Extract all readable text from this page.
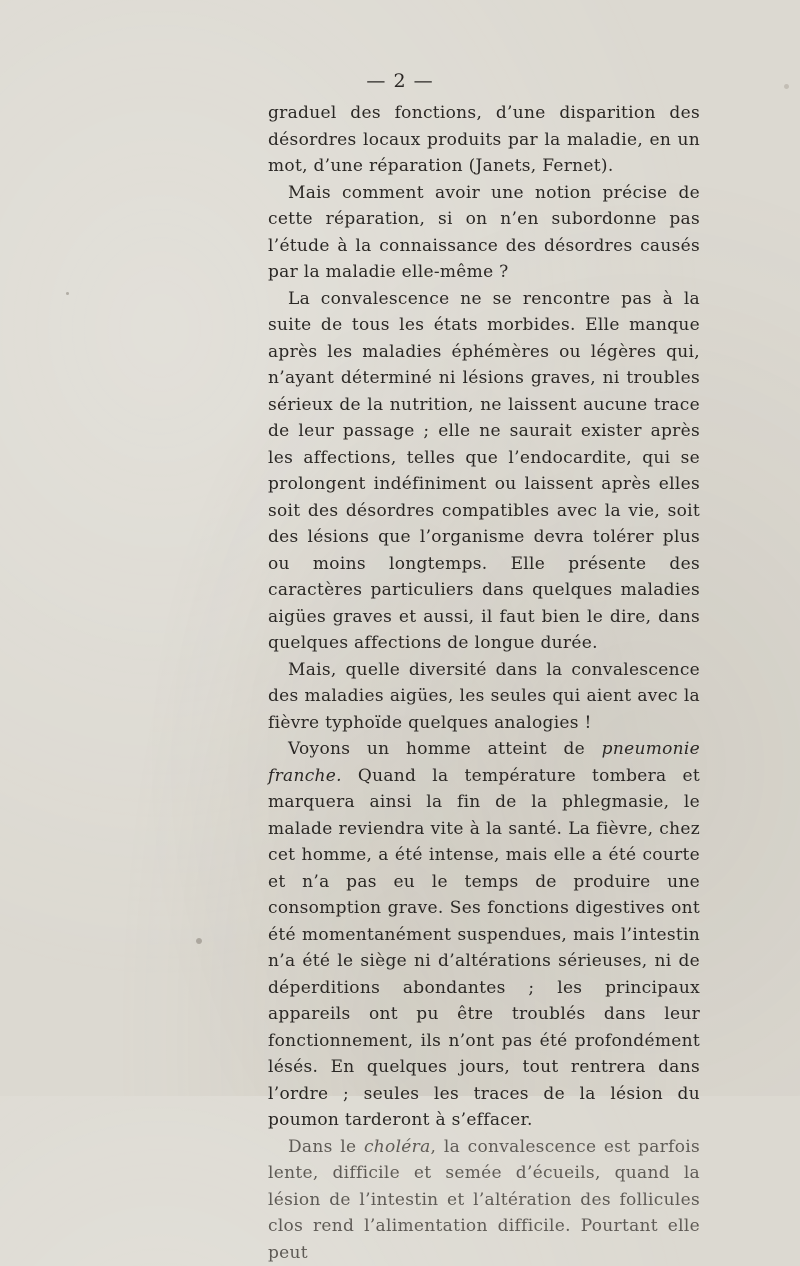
— 2 —

graduel des fonctions, d’une disparition des désordres locaux produits par la maladie, en un mot, d’une réparation (Janets, Fernet).

Mais comment avoir une notion précise de cette réparation, si on n’en subordonne pas l’étude à la connaissance des désordres causés par la maladie elle-même ?

La convalescence ne se rencontre pas à la suite de tous les états morbides. Elle manque après les maladies éphémères ou légères qui, n’ayant déterminé ni lésions graves, ni troubles sérieux de la nutrition, ne laissent aucune trace de leur passage ; elle ne saurait exister après les affections, telles que l’endocardite, qui se prolongent indéfiniment ou laissent après elles soit des désordres compatibles avec la vie, soit des lésions que l’organisme devra tolérer plus ou moins longtemps. Elle présente des caractères particuliers dans quelques maladies aigües graves et aussi, il faut bien le dire, dans quelques affections de longue durée.

Mais, quelle diversité dans la convalescence des maladies aigües, les seules qui aient avec la fièvre typhoïde quelques analogies !

Voyons un homme atteint de pneumonie franche. Quand la température tombera et marquera ainsi la fin de la phlegmasie, le malade reviendra vite à la santé. La fièvre, chez cet homme, a été intense, mais elle a été courte et n’a pas eu le temps de produire une consomption grave. Ses fonctions digestives ont été momentanément suspendues, mais l’intestin n’a été le siège ni d’altérations sérieuses, ni de déperditions abondantes ; les principaux appareils ont pu être troublés dans leur fonctionnement, ils n’ont pas été profondément lésés. En quelques jours, tout rentrera dans l’ordre ; seules les traces de la lésion du poumon tarderont à s’effacer.

Dans le choléra, la convalescence est parfois lente, difficile et semée d’écueils, quand la lésion de l’intestin et l’altération des follicules clos rend l’alimentation difficile. Pourtant elle peut
